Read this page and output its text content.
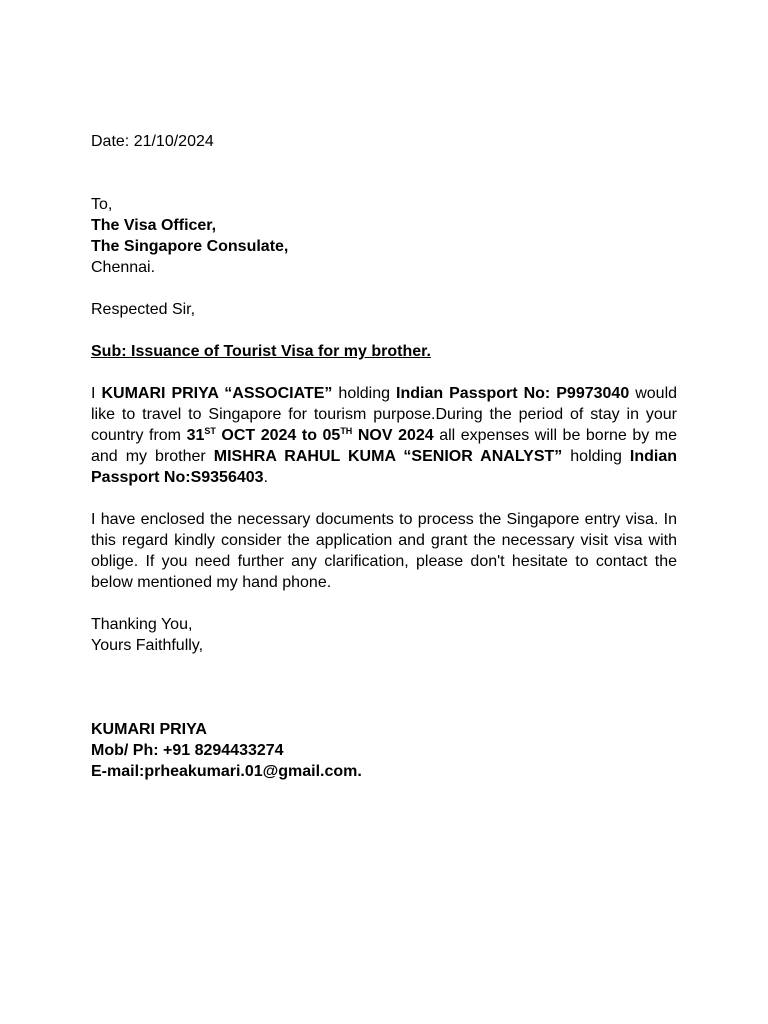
Date: 21/10/2024

To,

The Visa Officer,

The Singapore Consulate,

Chennai.

Respected Sir,

Sub: Issuance of Tourist Visa for my brother.

I KUMARI PRIYA “ASSOCIATE” holding Indian Passport No: P9973040 would like to travel to Singapore for tourism purpose.During the period of stay in your country from 31ST OCT 2024 to 05TH NOV 2024 all expenses will be borne by me and my brother MISHRA RAHUL KUMA “SENIOR ANALYST” holding Indian Passport No:S9356403.

I have enclosed the necessary documents to process the Singapore entry visa. In this regard kindly consider the application and grant the necessary visit visa with oblige. If you need further any clarification, please don't hesitate to contact the below mentioned my hand phone.

Thanking You,

Yours Faithfully,

KUMARI PRIYA

Mob/ Ph: +91 8294433274

E-mail:prheakumari.01@gmail.com.
